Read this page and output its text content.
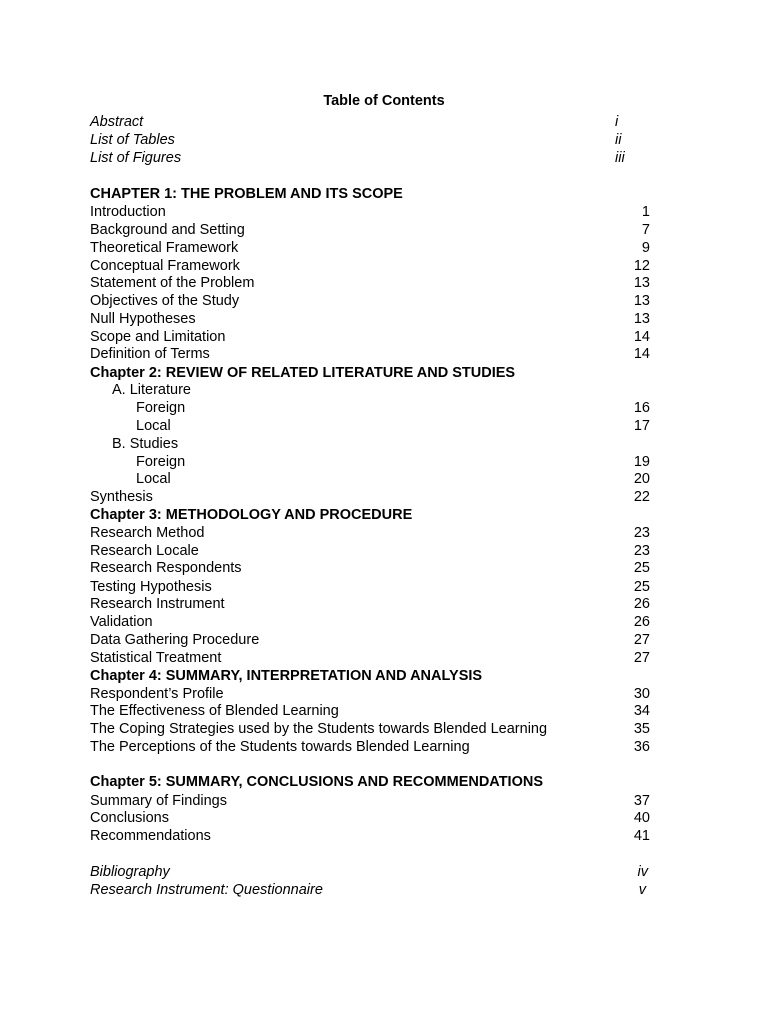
Table of Contents
Abstract	i
List of Tables	ii
List of Figures	iii
CHAPTER 1: THE PROBLEM AND ITS SCOPE
Introduction	1
Background and Setting	7
Theoretical Framework	9
Conceptual Framework	12
Statement of the Problem	13
Objectives of the Study	13
Null Hypotheses	13
Scope and Limitation	14
Definition of Terms	14
Chapter 2: REVIEW OF RELATED LITERATURE AND STUDIES
A. Literature
Foreign	16
Local	17
B. Studies
Foreign	19
Local	20
Synthesis	22
Chapter 3: METHODOLOGY AND PROCEDURE
Research Method	23
Research Locale	23
Research Respondents	25
Testing Hypothesis	25
Research Instrument	26
Validation	26
Data Gathering Procedure	27
Statistical Treatment	27
Chapter 4: SUMMARY, INTERPRETATION AND ANALYSIS
Respondent’s Profile	30
The Effectiveness of Blended Learning	34
The Coping Strategies used by the Students towards Blended Learning	35
The Perceptions of the Students towards Blended Learning	36
Chapter 5: SUMMARY, CONCLUSIONS AND RECOMMENDATIONS
Summary of Findings	37
Conclusions	40
Recommendations	41
Bibliography	iv
Research Instrument: Questionnaire	v
